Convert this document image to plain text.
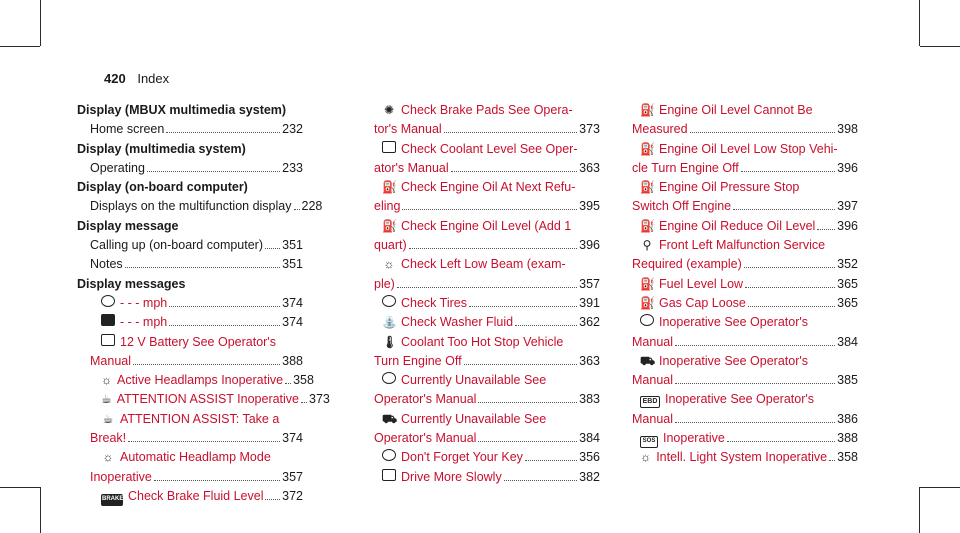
420 Index
Display (MBUX multimedia system)
Home screen	232
Display (multimedia system)
Operating	233
Display (on-board computer)
Displays on the multifunction display 228
Display message
Calling up (on-board computer) 351
Notes	351
Display messages
- - - mph	374
- - - mph	374
12 V Battery See Operator's
Manual	388
☼ Active Headlamps Inoperative 358
☕ ATTENTION ASSIST Inoperative 373
☕ ATTENTION ASSIST: Take a
Break!	374
☼ Automatic Headlamp Mode
Inoperative	357
BRAKE Check Brake Fluid Level 372
✺ Check Brake Pads See Opera-
tor's Manual	373
Check Coolant Level See Oper-
ator's Manual	363
⛽ Check Engine Oil At Next Refu-
eling	395
⛽ Check Engine Oil Level (Add 1
quart)	396
☼ Check Left Low Beam (exam-
ple)	357
Check Tires	391
⛲ Check Washer Fluid	362
🌡 Coolant Too Hot Stop Vehicle
Turn Engine Off	363
Currently Unavailable See
Operator's Manual	383
⛟ Currently Unavailable See
Operator's Manual	384
Don't Forget Your Key	356
Drive More Slowly	382
⛽ Engine Oil Level Cannot Be
Measured	398
⛽ Engine Oil Level Low Stop Vehi-
cle Turn Engine Off	396
⛽ Engine Oil Pressure Stop
Switch Off Engine	397
⛽ Engine Oil Reduce Oil Level 396
⚲ Front Left Malfunction Service
Required (example)	352
⛽ Fuel Level Low	365
⛽ Gas Cap Loose	365
Inoperative See Operator's
Manual	384
⛟ Inoperative See Operator's
Manual	385
EBD Inoperative See Operator's
Manual	386
SOS Inoperative	388
☼ Intell. Light System Inoperative 358
